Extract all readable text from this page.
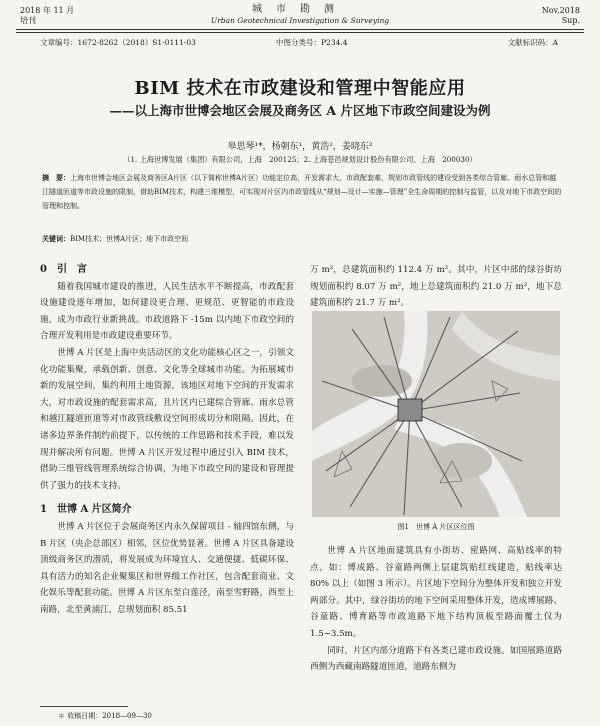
2018 年 11 月
培刊
城市勘测
Urban Geotechnical Investigation & Surveying
Nov.2018
Sup.
文章编号：1672-8262（2018）S1-0111-03	中图分类号：P234.4	文献标识码：A
BIM 技术在市政建设和管理中智能应用
——以上海市世博会地区会展及商务区 A 片区地下市政空间建设为例
皋思琴¹*，杨朝东¹，黄浩²，姜晓东²
（1. 上海世博发展（集团）有限公司，上海　200125；2. 上海苍邑规划设计股份有限公司、上海　200030）
摘　要：上海市世博会地区会展及商务区A片区（以下简称世博A片区）功能定位高，开发需求大，市政配套难，规划市政管线的建设受到各类综合管廊、雨水总管和越江隧道匝道等市政设施的限制，借助BIM技术，构建三维模型，可实现对片区内市政管线从“规划—设计—实施—管理”全生命周期的控制与监管，以及对地下市政空间的管理和控制。
关键词：BIM技术；世博A片区；地下市政空间
0　引　言

随着我国城市建设的推进，人民生活水平不断提高，市政配套设施建设逐年增加，如何建设更合理、更规范、更智能的市政设施，成为市政行业新挑战。市政道路下 -15m 以内地下市政空间的合理开发利用是市政建设重要环节。

世博 A 片区是上海中央活动区的文化功能核心区之一，引领文化功能集聚，承载创新、创意、文化等全球城市功能。为拓展城市新的发展空间，集约利用土地资源，该地区对地下空间的开发需求大，对市政设施的配套需求高，且片区内已建综合管廊、雨水总管和越江隧道匝道等对市政管线敷设空间形成切分和阻隔。因此，在诸多边界条件制约前提下，以传统的工作思路和技术手段，难以发现并解决所有问题。世博 A 片区开发过程中通过引入 BIM 技术，借助三维管线管理系统综合协调，为地下市政空间的建设和管理提供了强力的技术支持。

1　世博 A 片区简介

世博 A 片区位于会展商务区内永久保留项目 - 轴四馆东侧，与 B 片区（央企总部区）相邻，区位优势显著。世博 A 片区具备建设顶级商务区的潜质，将发展成为环境宜人、交通便捷、低碳环保、具有活力的知名企业聚集区和世界级工作社区，包含配套商业、文化娱乐等配套功能。世博 A 片区东至白莲泾，南至雪野路，西至上南路，北至黄浦江，总规划面积 85.51

万 m²，总建筑面积约 112.4 万 m²。其中，片区中部的绿谷街坊规划面积约 8.07 万 m²，地上总建筑面积约 21.0 万 m²，地下总建筑面积约 21.7 万 m²。

图1　世博 A 片区区位图

世博 A 片区地面建筑具有小街坊、密路网、高贴线率的特点，如：博成路、谷童路两侧上层建筑贴红线建造，贴线率达 80% 以上（如图 3 所示）。片区地下空间分为整体开发和独立开发两部分。其中，绿谷街坊的地下空间采用整体开发，造成博展路、谷童路、博育路等市政道路下地下结构顶板至路面覆土仅为 1.5~3.5m。

同时，片区内部分道路下有各类已建市政设施。如国展路道路西侧为西藏南路隧道匝道，道路东侧为

＊ 收稿日期：2018—09—30
